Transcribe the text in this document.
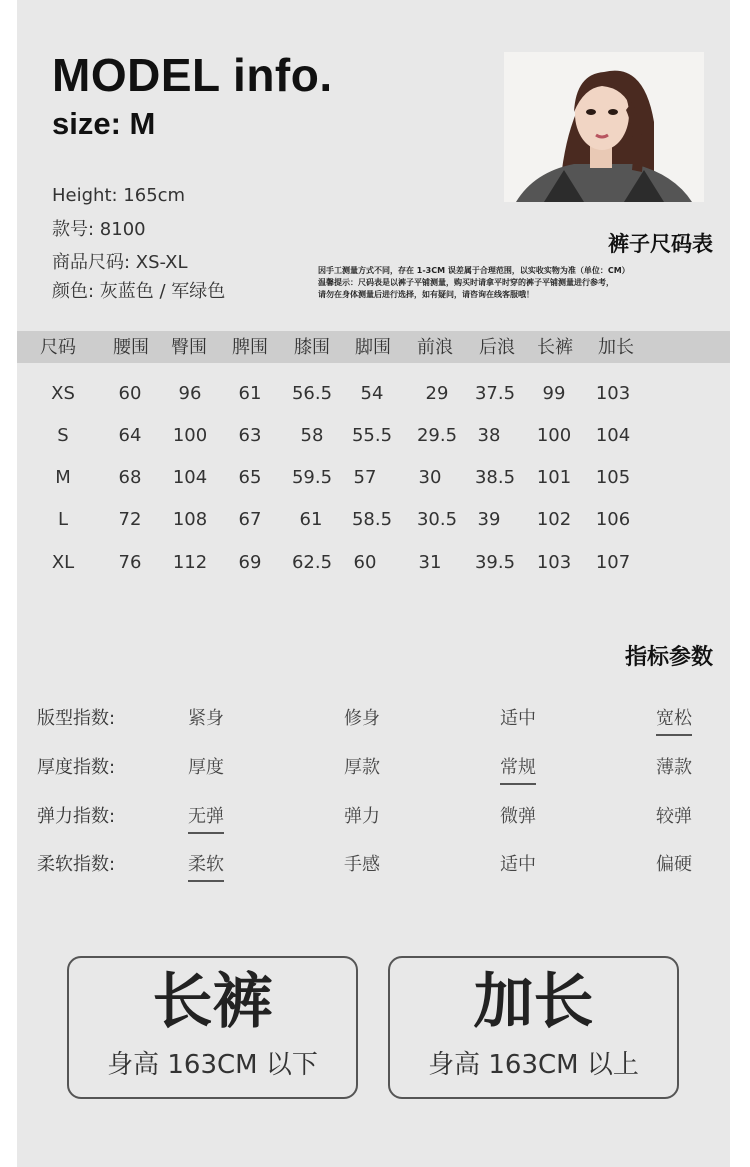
MODEL info.
size: M
Height: 165cm
款号: 8100
商品尺码: XS-XL
颜色: 灰蓝色 / 军绿色
裤子尺码表
因手工测量方式不同，存在 1-3CM 误差属于合理范围，以实收实物为准（单位：CM）
温馨提示：尺码表是以裤子平铺测量，购买时请拿平时穿的裤子平铺测量进行参考，
请勿在身体测量后进行选择，如有疑问，请咨询在线客服哦！
尺码 腰围 臀围 脾围 膝围 脚围 前浪 后浪 长裤 加长
XS 60 96 61 56.5 54 29 37.5 99 103
S	64 100 63 58 55.5 29.5 38 100 104
M	68 104 65 59.5 57 30 38.5 101 105
L	72 108 67 61 58.5 30.5 39 102 106
XL 76 112 69 62.5 60 31 39.5 103 107
指标参数
版型指数:	紧身	修身	适中	宽松
厚度指数:	厚度	厚款	常规	薄款
弹力指数:	无弹	弹力	微弹	较弹
柔软指数:	柔软	手感	适中	偏硬
长裤
身高 163CM 以下
加长
身高 163CM 以上
